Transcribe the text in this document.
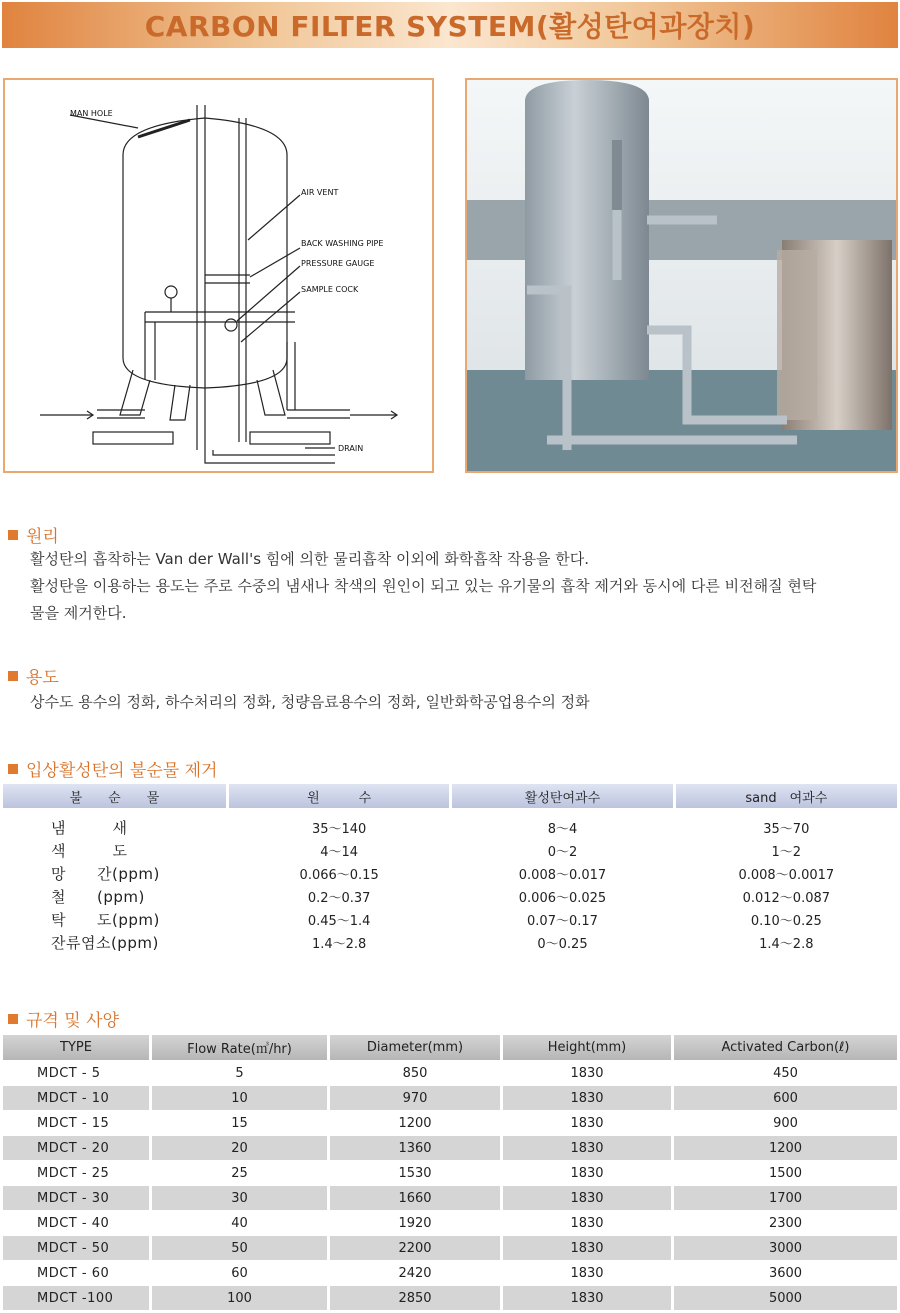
CARBON FILTER SYSTEM(활성탄여과장치)
MAN HOLE
AIR VENT
BACK WASHING PIPE
PRESSURE GAUGE
SAMPLE COCK
DRAIN
원리
활성탄의 흡착하는 Van der Wall's 힘에 의한 물리흡착 이외에 화학흡착 작용을 한다.
활성탄을 이용하는 용도는 주로 수중의 냄새나 착색의 원인이 되고 있는 유기물의 흡착 제거와 동시에 다른 비전해질 현탁
물을 제거한다.
용도
상수도 용수의 정화, 하수처리의 정화, 청량음료용수의 정화, 일반화학공업용수의 정화
입상활성탄의 불순물 제거
불　　순　　물	원　　　수	활성탄여과수	sand　여과수
냄　　　새	35～140	8～4	35～70
색　　　도	4～14	0～2	1～2
망　　간(ppm)	0.066～0.15	0.008～0.017	0.008～0.0017
철　　(ppm)	0.2～0.37	0.006～0.025	0.012～0.087
탁　　도(ppm)	0.45～1.4	0.07～0.17	0.10～0.25
잔류염소(ppm)	1.4～2.8	0～0.25	1.4～2.8
규격 및 사양
TYPE	Flow Rate(㎥/hr)	Diameter(mm)	Height(mm)	Activated Carbon(ℓ)
MDCT - 5	5	850	1830	450
MDCT - 10	10	970	1830	600
MDCT - 15	15	1200	1830	900
MDCT - 20	20	1360	1830	1200
MDCT - 25	25	1530	1830	1500
MDCT - 30	30	1660	1830	1700
MDCT - 40	40	1920	1830	2300
MDCT - 50	50	2200	1830	3000
MDCT - 60	60	2420	1830	3600
MDCT -100	100	2850	1830	5000
